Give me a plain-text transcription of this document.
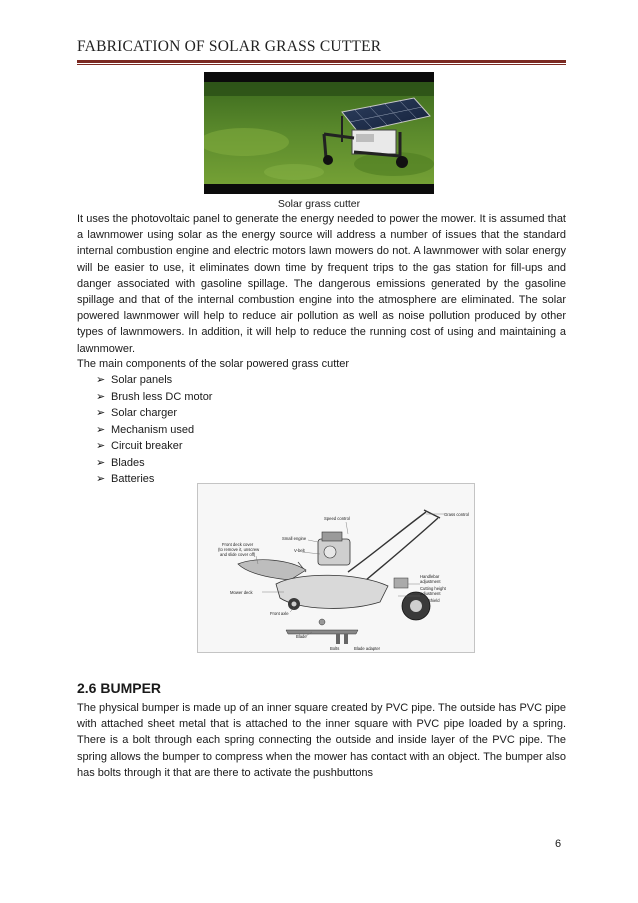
FABRICATION OF SOLAR GRASS CUTTER
Solar grass cutter
It uses the photovoltaic panel to generate the energy needed to power the mower. It is assumed that a lawnmower using solar as the energy source will address a number of issues that the standard internal combustion engine and electric motors lawn mowers do not. A lawnmower with solar energy will be easier to use, it eliminates down time by frequent trips to the gas station for fill-ups and danger associated with gasoline spillage. The dangerous emissions generated by the gasoline spillage and that of the internal combustion engine into the atmosphere are eliminated. The solar powered lawnmower will help to reduce air pollution as well as noise pollution produced by other types of lawnmowers. In addition, it will help to reduce the running cost of using and maintaining a lawnmower.
The main components of the solar powered grass cutter
➢ Solar panels
➢ Brush less DC motor
➢ Solar charger
➢ Mechanism used
➢ Circuit breaker
➢ Blades
➢ Batteries
Speed control
Grass control
Small engine
V-belt
Front deck cover
(to remove it, unscrew
and slide cover off)
Handlebar
adjustment
Cutting height
adjustment
Mower deck
Front axle
Shield
Blade
Bolts	Blade adapter
2.6 BUMPER
The physical bumper is made up of an inner square created by PVC pipe. The outside has PVC pipe with attached sheet metal that is attached to the inner square with PVC pipe loaded by a spring. There is a bolt through each spring connecting the outside and inside layer of the PVC pipe. The spring allows the bumper to compress when the mower has contact with an object. The bumper also has bolts through it that are there to activate the pushbuttons
6
